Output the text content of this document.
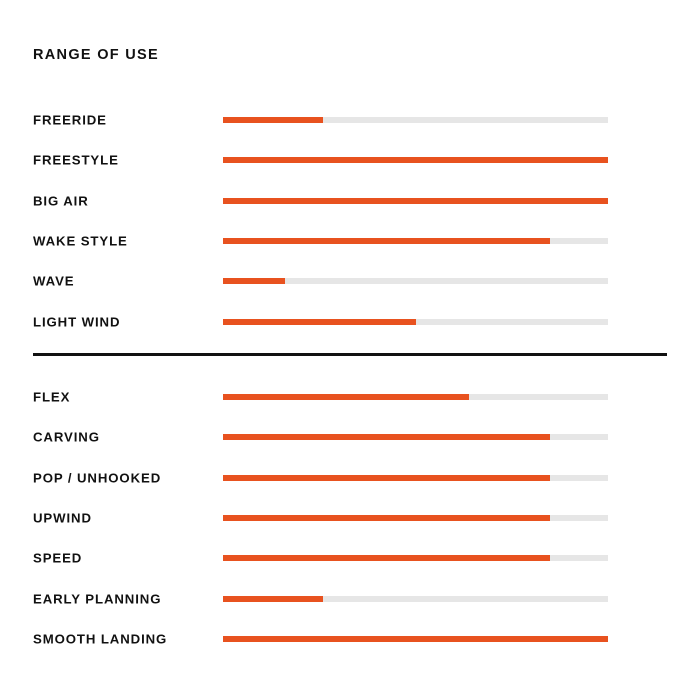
RANGE OF USE
FREERIDE
FREESTYLE
BIG AIR
WAKE STYLE
WAVE
LIGHT WIND
FLEX
CARVING
POP / UNHOOKED
UPWIND
SPEED
EARLY PLANNING
SMOOTH LANDING
